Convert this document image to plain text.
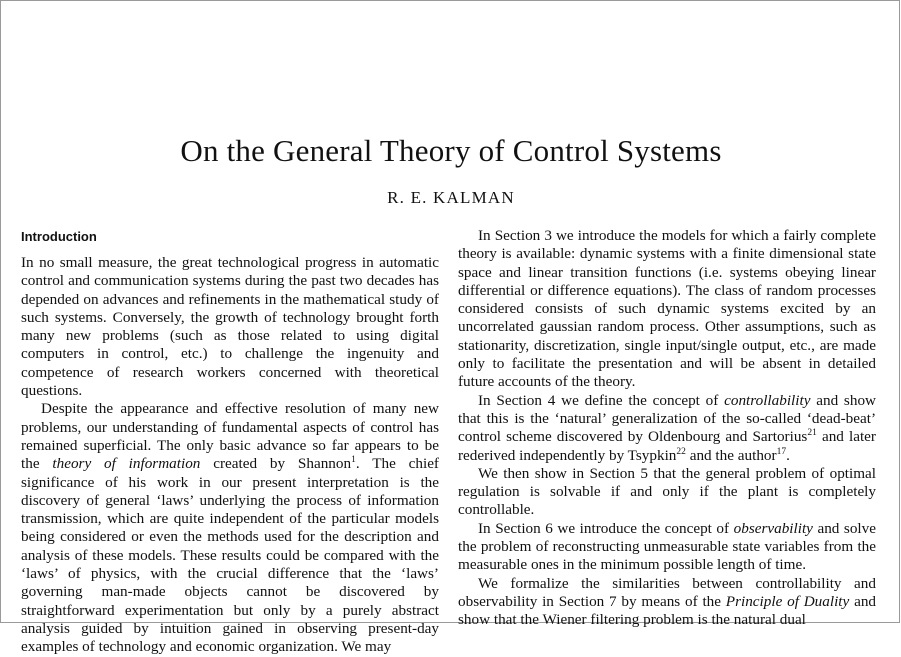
On the General Theory of Control Systems
R. E. KALMAN
Introduction

In no small measure, the great technological progress in automatic control and communication systems during the past two decades has depended on advances and refinements in the mathematical study of such systems. Conversely, the growth of technology brought forth many new problems (such as those related to using digital computers in control, etc.) to challenge the ingenuity and competence of research workers concerned with theoretical questions.

Despite the appearance and effective resolution of many new problems, our understanding of fundamental aspects of control has remained superficial. The only basic advance so far appears to be the theory of information created by Shannon$^1$. The chief significance of his work in our present interpretation is the discovery of general ‘laws’ underlying the process of information transmission, which are quite independent of the particular models being considered or even the methods used for the description and analysis of these models. These results could be compared with the ‘laws’ of physics, with the crucial difference that the ‘laws’ governing man-made objects cannot be discovered by straightforward experimentation but only by a purely abstract analysis guided by intuition gained in observing present-day examples of technology and economic organization. We may

In Section 3 we introduce the models for which a fairly complete theory is available: dynamic systems with a finite dimensional state space and linear transition functions (i.e. systems obeying linear differential or difference equations). The class of random processes considered consists of such dynamic systems excited by an uncorrelated gaussian random process. Other assumptions, such as stationarity, discretization, single input/single output, etc., are made only to facilitate the presentation and will be absent in detailed future accounts of the theory.

In Section 4 we define the concept of controllability and show that this is the ‘natural’ generalization of the so-called ‘dead-beat’ control scheme discovered by Oldenbourg and Sartorius$^{21}$ and later rederived independently by Tsypkin$^{22}$ and the author$^{17}$.

We then show in Section 5 that the general problem of optimal regulation is solvable if and only if the plant is completely controllable.

In Section 6 we introduce the concept of observability and solve the problem of reconstructing unmeasurable state variables from the measurable ones in the minimum possible length of time.

We formalize the similarities between controllability and observability in Section 7 by means of the Principle of Duality and show that the Wiener filtering problem is the natural dual
